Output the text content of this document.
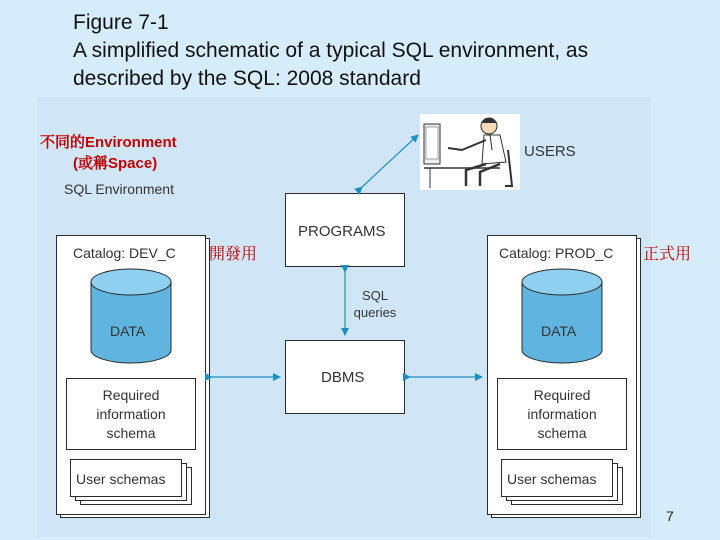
Figure 7-1
A simplified schematic of a typical SQL environment, as
described by the SQL: 2008 standard
不同的Environment
(或稱Space)
SQL Environment
USERS
PROGRAMS
DBMS
SQL
queries
開發用	正式用
Catalog: DEV_C	Catalog: PROD_C
DATA	DATA
Required
information
schema
Required
information
schema
User schemas	User schemas
7
